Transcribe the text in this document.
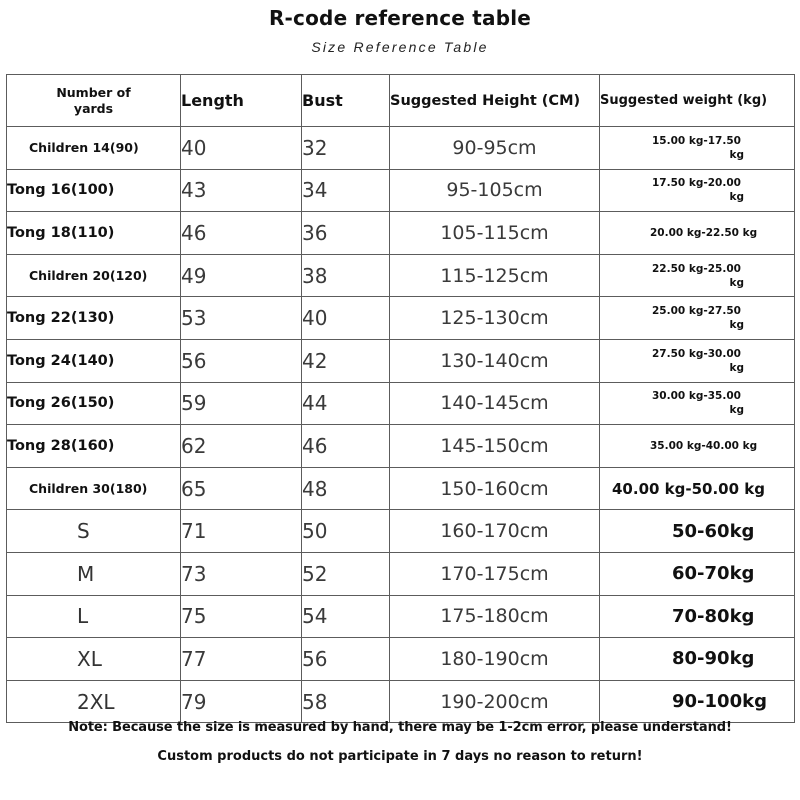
R-code reference table
Size Reference Table
Number of
yards	Length	Bust	Suggested Height (CM)	Suggested weight (kg)
Children 14(90)	40	32	90-95cm	15.00 kg-17.50
kg

Tong 16(100)	43	34	95-105cm	17.50 kg-20.00
kg

Tong 18(110)	46	36	105-115cm	20.00 kg-22.50 kg
Children 20(120)	49	38	115-125cm	22.50 kg-25.00
kg

Tong 22(130)	53	40	125-130cm	25.00 kg-27.50
kg

Tong 24(140)	56	42	130-140cm	27.50 kg-30.00
kg

Tong 26(150)	59	44	140-145cm	30.00 kg-35.00
kg

Tong 28(160)	62	46	145-150cm	35.00 kg-40.00 kg
Children 30(180)	65	48	150-160cm	40.00 kg-50.00 kg
S	71	50	160-170cm	50-60kg
M	73	52	170-175cm	60-70kg
L	75	54	175-180cm	70-80kg
XL	77	56	180-190cm	80-90kg
2XL	79	58	190-200cm	90-100kg
Note: Because the size is measured by hand, there may be 1-2cm error, please understand!
Custom products do not participate in 7 days no reason to return!
